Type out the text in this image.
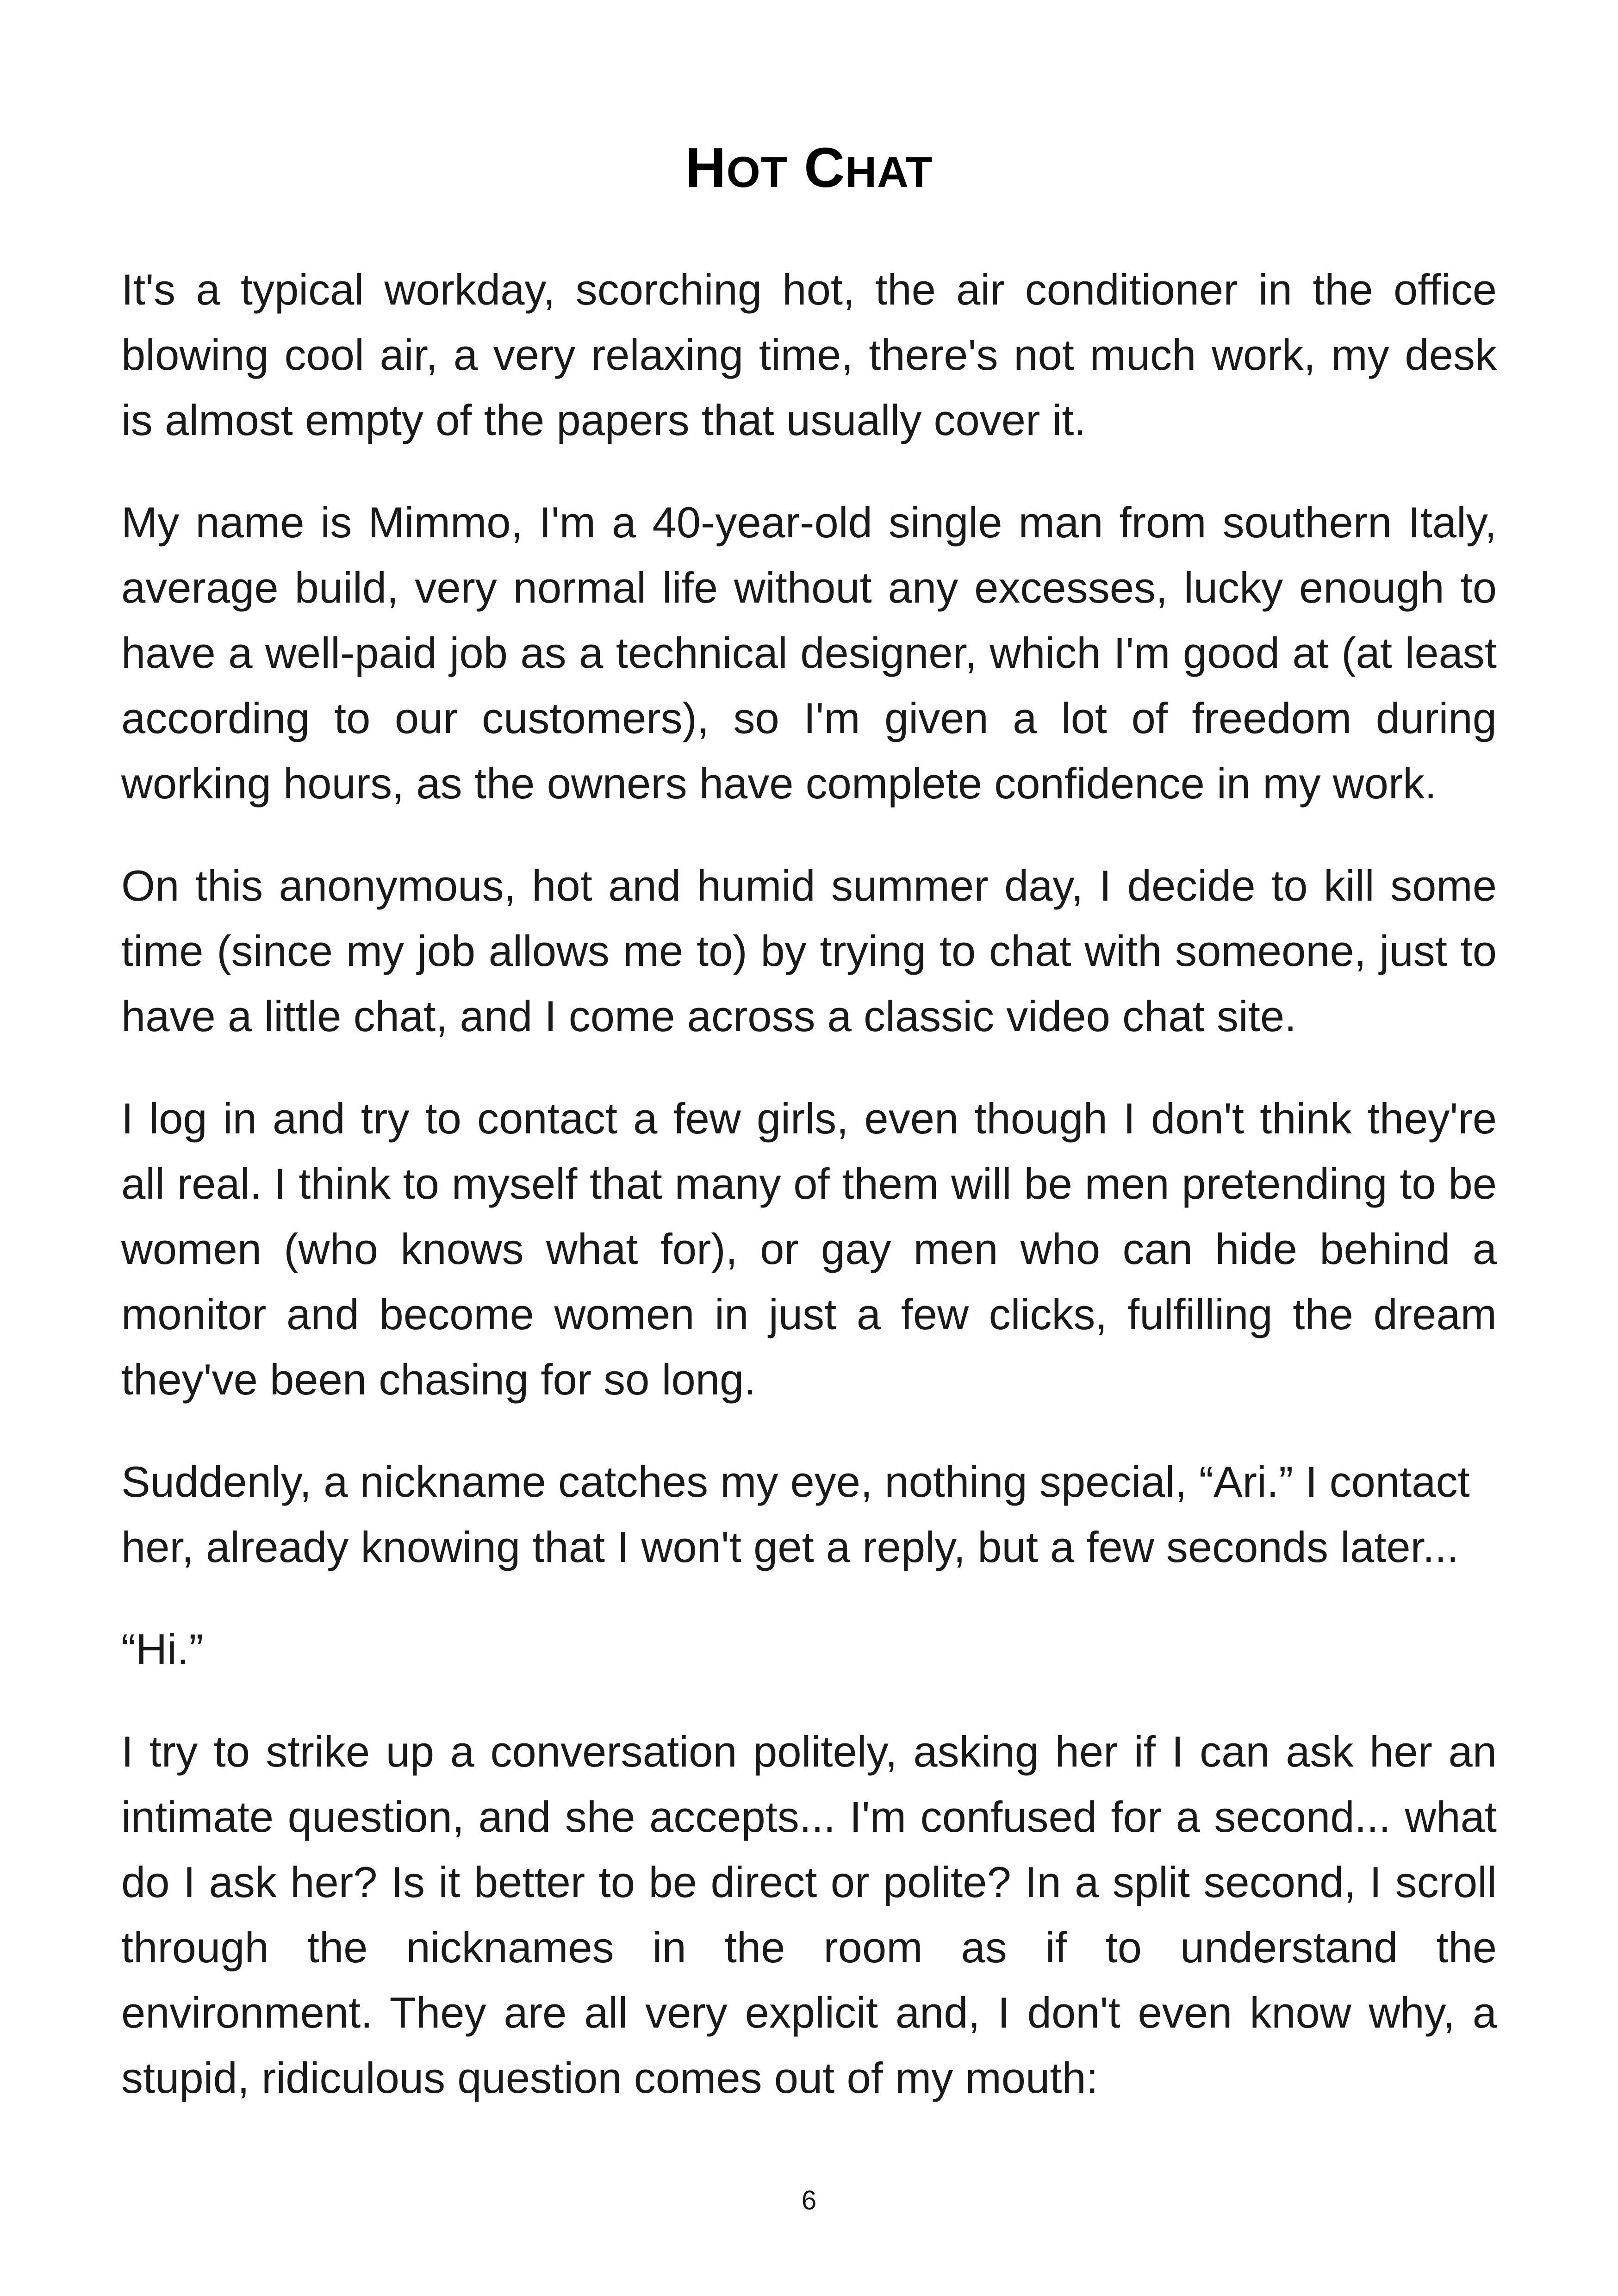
HOT CHAT

It's a typical workday, scorching hot, the air conditioner in the office blowing cool air, a very relaxing time, there's not much work, my desk is almost empty of the papers that usually cover it.

My name is Mimmo, I'm a 40-year-old single man from southern Italy, average build, very normal life without any excesses, lucky enough to have a well-paid job as a technical designer, which I'm good at (at least according to our customers), so I'm given a lot of freedom during working hours, as the owners have complete confidence in my work.

On this anonymous, hot and humid summer day, I decide to kill some time (since my job allows me to) by trying to chat with someone, just to have a little chat, and I come across a classic video chat site.

I log in and try to contact a few girls, even though I don't think they're all real. I think to myself that many of them will be men pretending to be women (who knows what for), or gay men who can hide behind a monitor and become women in just a few clicks, fulfilling the dream they've been chasing for so long.

Suddenly, a nickname catches my eye, nothing special, “Ari.” I contact her, already knowing that I won't get a reply, but a few seconds later...

“Hi.”

I try to strike up a conversation politely, asking her if I can ask her an intimate question, and she accepts... I'm confused for a second... what do I ask her? Is it better to be direct or polite? In a split second, I scroll through the nicknames in the room as if to understand the environment. They are all very explicit and, I don't even know why, a stupid, ridiculous question comes out of my mouth:

6
